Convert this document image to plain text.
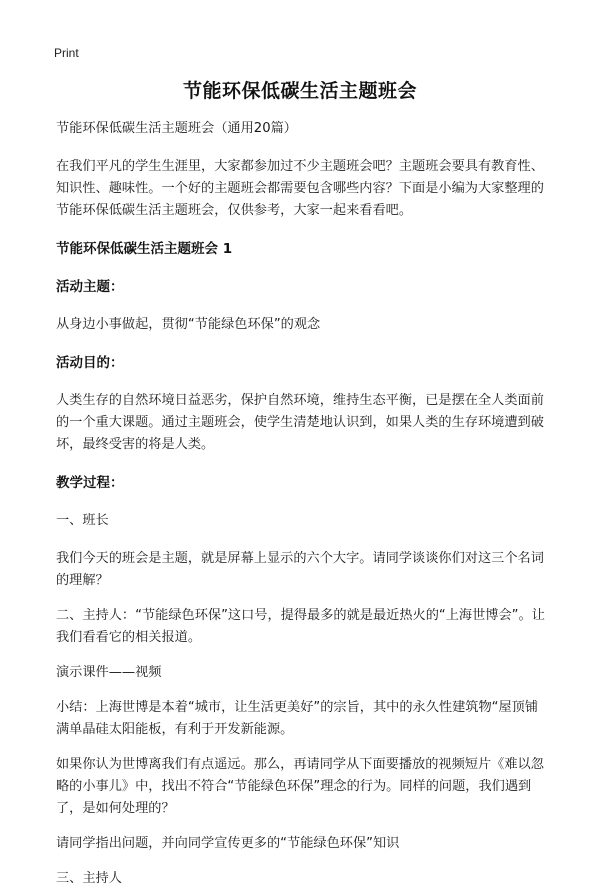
Print
节能环保低碳生活主题班会

节能环保低碳生活主题班会（通用20篇）

在我们平凡的学生生涯里，大家都参加过不少主题班会吧？主题班会要具有教育性、知识性、趣味性。一个好的主题班会都需要包含哪些内容？下面是小编为大家整理的节能环保低碳生活主题班会，仅供参考，大家一起来看看吧。

节能环保低碳生活主题班会 1

活动主题：

从身边小事做起，贯彻“节能绿色环保”的观念

活动目的：

人类生存的自然环境日益恶劣，保护自然环境，维持生态平衡，已是摆在全人类面前的一个重大课题。通过主题班会，使学生清楚地认识到，如果人类的生存环境遭到破坏，最终受害的将是人类。

教学过程：

一、班长

我们今天的班会是主题，就是屏幕上显示的六个大字。请同学谈谈你们对这三个名词的理解？

二、主持人：“节能绿色环保”这口号，提得最多的就是最近热火的“上海世博会”。让我们看看它的相关报道。

演示课件——视频

小结：上海世博是本着“城市，让生活更美好”的宗旨，其中的永久性建筑物“屋顶铺满单晶硅太阳能板，有利于开发新能源。

如果你认为世博离我们有点遥远。那么，再请同学从下面要播放的视频短片《难以忽略的小事儿》中，找出不符合“节能绿色环保”理念的行为。同样的问题，我们遇到了，是如何处理的？

请同学指出问题，并向同学宣传更多的“节能绿色环保”知识

三、主持人
